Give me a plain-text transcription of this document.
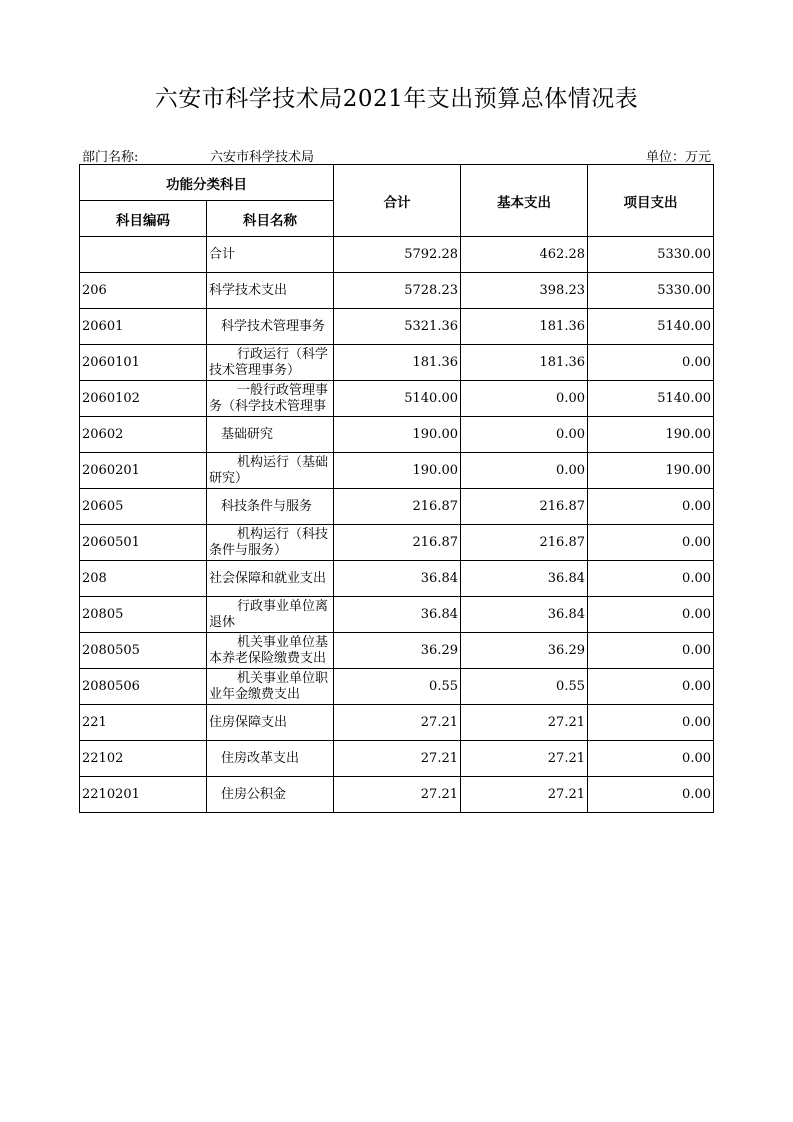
六安市科学技术局2021年支出预算总体情况表
部门名称:	六安市科学技术局	单位：万元
功能分类科目		合计	基本支出	项目支出
科目编码	科目名称			
	合计	5792.28	462.28	5330.00
206	科学技术支出	5728.23	398.23	5330.00
20601	科学技术管理事务	5321.36	181.36	5140.00
2060101	行政运行（科学技术管理事务）	181.36	181.36	0.00
2060102	一般行政管理事务（科学技术管理事	5140.00	0.00	5140.00
20602	基础研究	190.00	0.00	190.00
2060201	机构运行（基础研究）	190.00	0.00	190.00
20605	科技条件与服务	216.87	216.87	0.00
2060501	机构运行（科技条件与服务）	216.87	216.87	0.00
208	社会保障和就业支出	36.84	36.84	0.00
20805	行政事业单位离退休	36.84	36.84	0.00
2080505	机关事业单位基本养老保险缴费支出	36.29	36.29	0.00
2080506	机关事业单位职业年金缴费支出	0.55	0.55	0.00
221	住房保障支出	27.21	27.21	0.00
22102	住房改革支出	27.21	27.21	0.00
2210201	住房公积金	27.21	27.21	0.00
